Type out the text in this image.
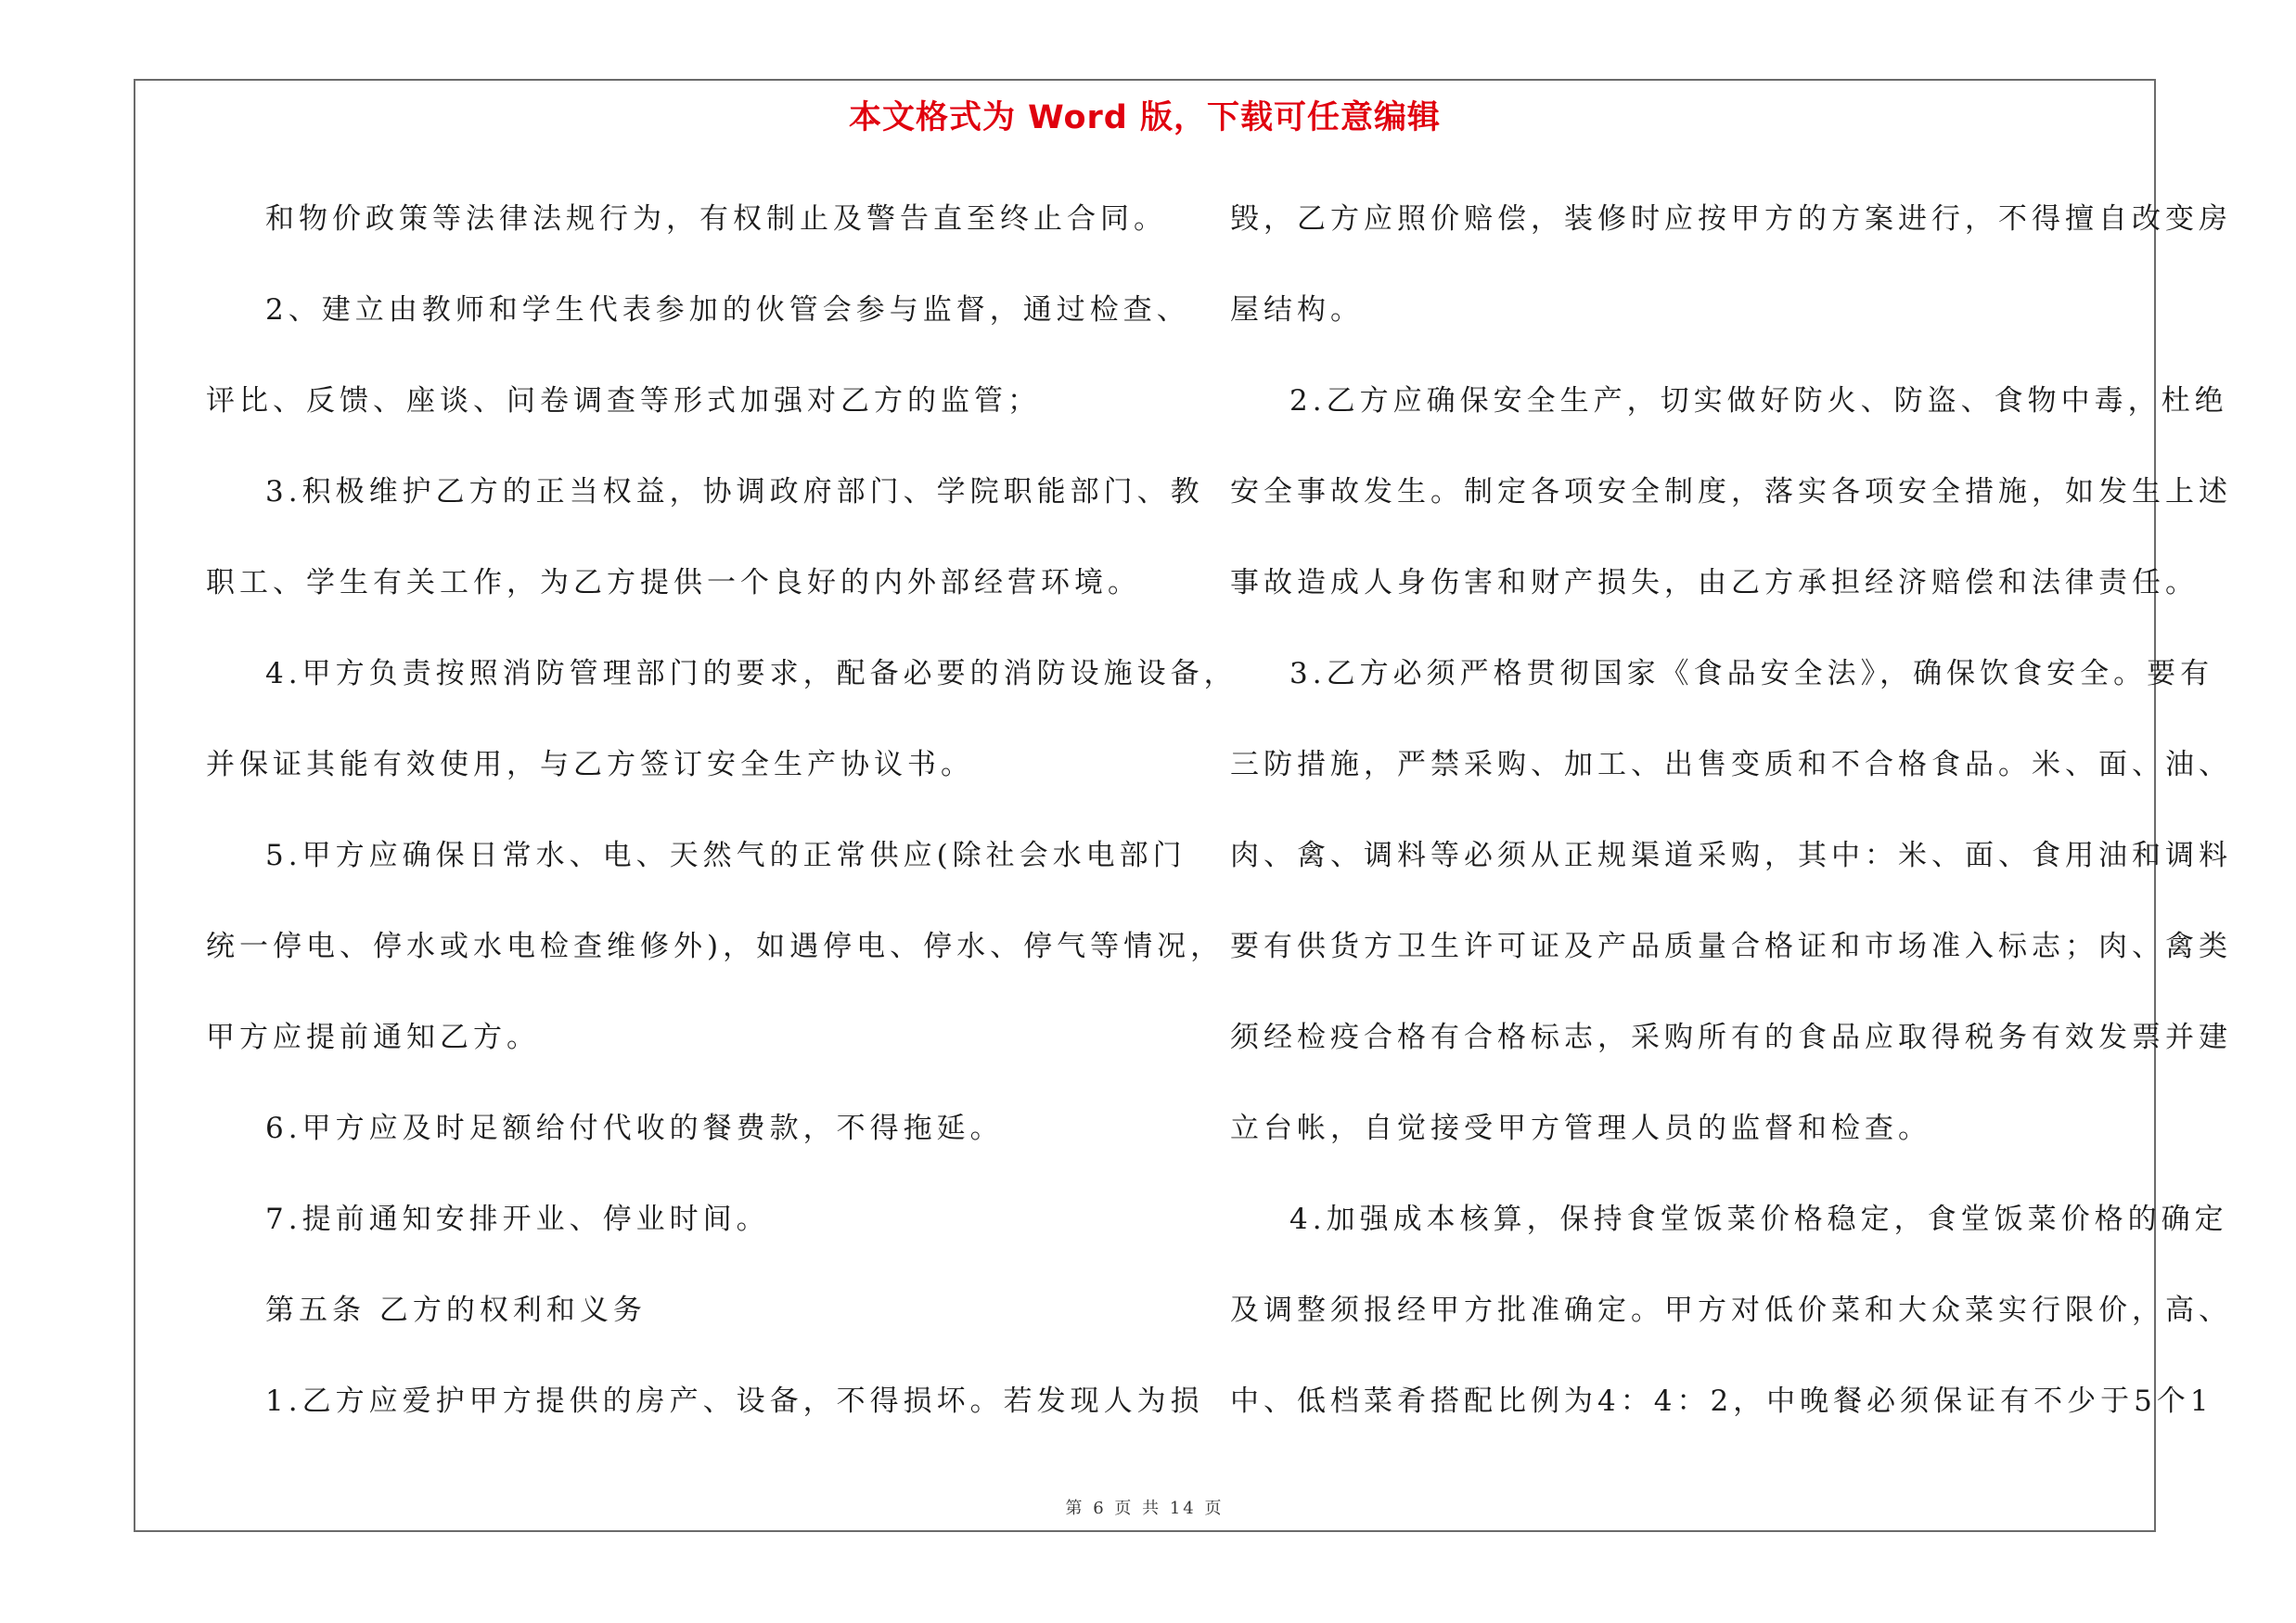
本文格式为 Word 版，下载可任意编辑
和物价政策等法律法规行为，有权制止及警告直至终止合同。
2、建立由教师和学生代表参加的伙管会参与监督，通过检查、
评比、反馈、座谈、问卷调查等形式加强对乙方的监管；
3.积极维护乙方的正当权益，协调政府部门、学院职能部门、教
职工、学生有关工作，为乙方提供一个良好的内外部经营环境。
4.甲方负责按照消防管理部门的要求，配备必要的消防设施设备，
并保证其能有效使用，与乙方签订安全生产协议书。
5.甲方应确保日常水、电、天然气的正常供应(除社会水电部门
统一停电、停水或水电检查维修外)，如遇停电、停水、停气等情况，
甲方应提前通知乙方。
6.甲方应及时足额给付代收的餐费款，不得拖延。
7.提前通知安排开业、停业时间。
第五条 乙方的权利和义务
1.乙方应爱护甲方提供的房产、设备，不得损坏。若发现人为损
毁，乙方应照价赔偿，装修时应按甲方的方案进行，不得擅自改变房
屋结构。
2.乙方应确保安全生产，切实做好防火、防盗、食物中毒，杜绝
安全事故发生。制定各项安全制度，落实各项安全措施，如发生上述
事故造成人身伤害和财产损失，由乙方承担经济赔偿和法律责任。
3.乙方必须严格贯彻国家《食品安全法》，确保饮食安全。要有
三防措施，严禁采购、加工、出售变质和不合格食品。米、面、油、
肉、禽、调料等必须从正规渠道采购，其中：米、面、食用油和调料
要有供货方卫生许可证及产品质量合格证和市场准入标志；肉、禽类
须经检疫合格有合格标志，采购所有的食品应取得税务有效发票并建
立台帐，自觉接受甲方管理人员的监督和检查。
4.加强成本核算，保持食堂饭菜价格稳定，食堂饭菜价格的确定
及调整须报经甲方批准确定。甲方对低价菜和大众菜实行限价，高、
中、低档菜肴搭配比例为4：4：2，中晚餐必须保证有不少于5个1
第 6 页 共 14 页
